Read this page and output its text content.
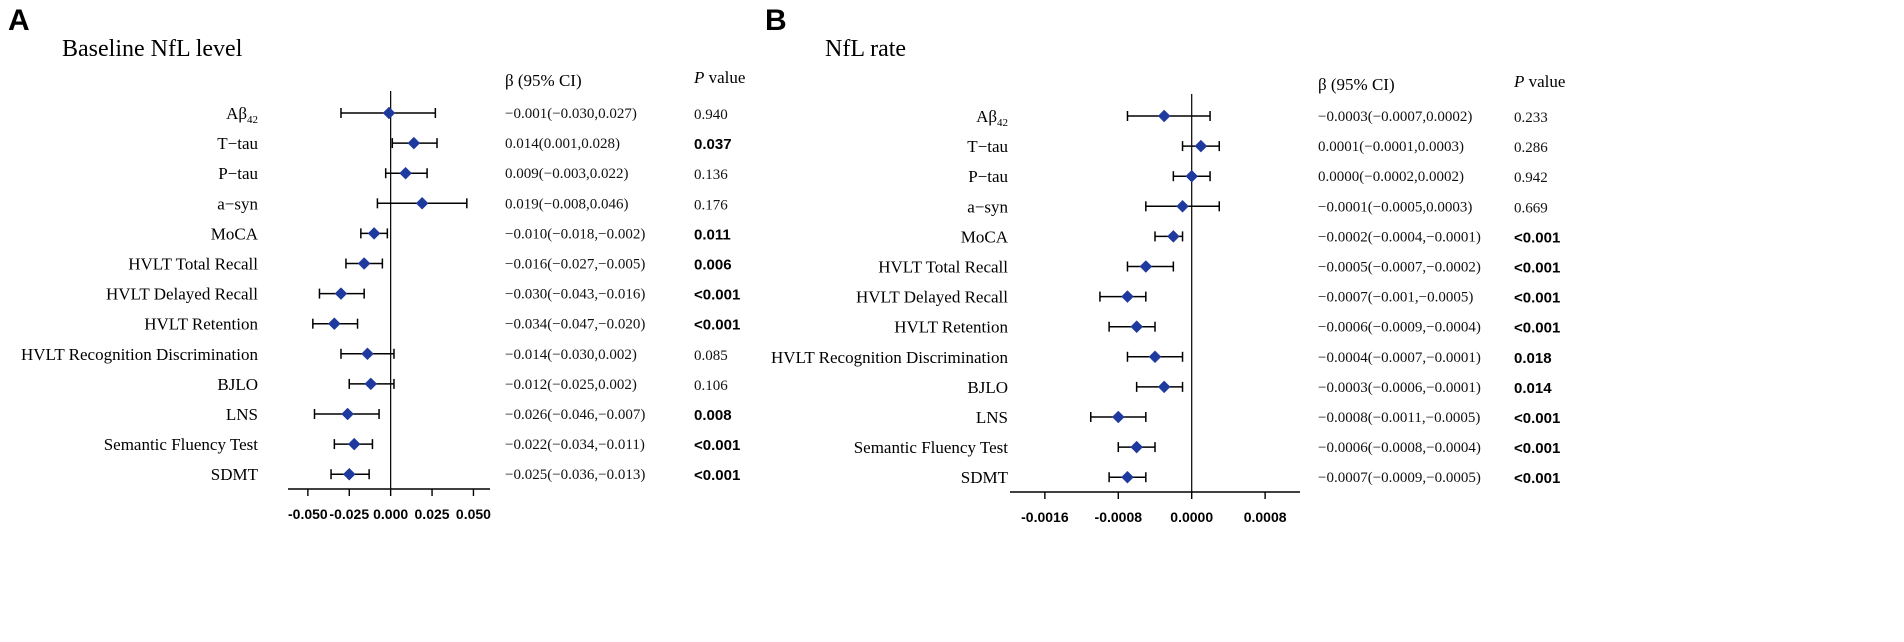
A
Baseline NfL level
β (95% CI)	P value
-0.050 -0.025 0.000 0.025 0.050
$A\beta_{42}$	−0.001(−0.030,0.027)	0.940
T−tau	0.014(0.001,0.028)	0.037
P−tau	0.009(−0.003,0.022)	0.136
a−syn	0.019(−0.008,0.046)	0.176
MoCA	−0.010(−0.018,−0.002)	0.011
HVLT Total Recall	−0.016(−0.027,−0.005)	0.006
HVLT Delayed Recall	−0.030(−0.043,−0.016)	<0.001
HVLT Retention	−0.034(−0.047,−0.020)	<0.001
HVLT Recognition Discrimination	−0.014(−0.030,0.002)	0.085
BJLO	−0.012(−0.025,0.002)	0.106
LNS	−0.026(−0.046,−0.007)	0.008
Semantic Fluency Test	−0.022(−0.034,−0.011)	<0.001
SDMT	−0.025(−0.036,−0.013)	<0.001
B
NfL rate
β (95% CI)	P value
-0.0016 -0.0008 0.0000 0.0008
$A\beta_{42}$	−0.0003(−0.0007,0.0002)	0.233
T−tau	0.0001(−0.0001,0.0003)	0.286
P−tau	0.0000(−0.0002,0.0002)	0.942
a−syn	−0.0001(−0.0005,0.0003)	0.669
MoCA	−0.0002(−0.0004,−0.0001) <0.001
HVLT Total Recall	−0.0005(−0.0007,−0.0002) <0.001
HVLT Delayed Recall	−0.0007(−0.001,−0.0005)	<0.001
HVLT Retention	−0.0006(−0.0009,−0.0004) <0.001
HVLT Recognition Discrimination	−0.0004(−0.0007,−0.0001) 0.018
BJLO	−0.0003(−0.0006,−0.0001) 0.014
LNS	−0.0008(−0.0011,−0.0005) <0.001
Semantic Fluency Test	−0.0006(−0.0008,−0.0004) <0.001
SDMT	−0.0007(−0.0009,−0.0005) <0.001
